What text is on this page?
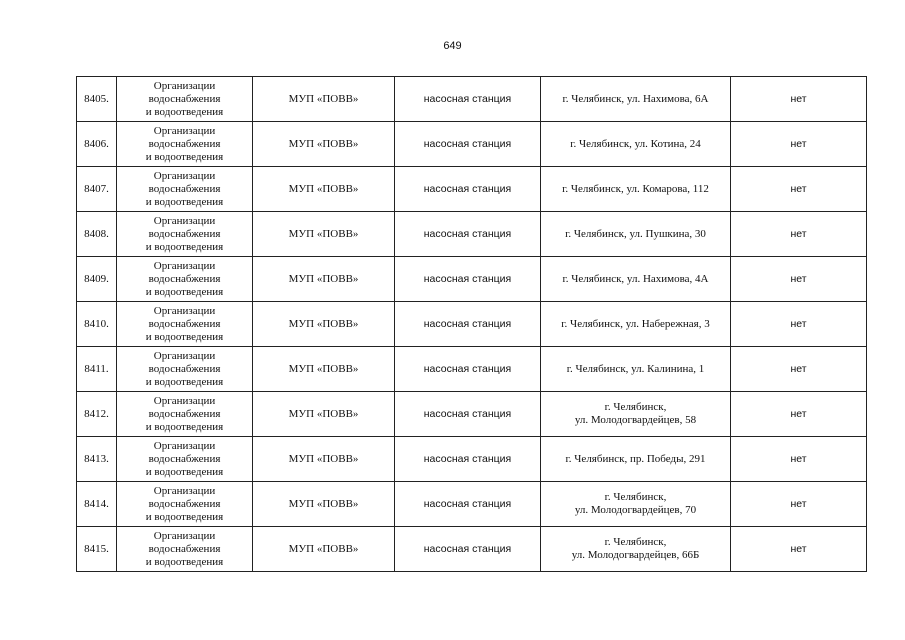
649
8405.	Организации
водоснабжения
и водоотведения	МУП «ПОВВ»	насосная станция	г. Челябинск, ул. Нахимова, 6А	нет
8406.	Организации
водоснабжения
и водоотведения	МУП «ПОВВ»	насосная станция	г. Челябинск, ул. Котина, 24	нет
8407.	Организации
водоснабжения
и водоотведения	МУП «ПОВВ»	насосная станция	г. Челябинск, ул. Комарова, 112	нет
8408.	Организации
водоснабжения
и водоотведения	МУП «ПОВВ»	насосная станция	г. Челябинск, ул. Пушкина, 30	нет
8409.	Организации
водоснабжения
и водоотведения	МУП «ПОВВ»	насосная станция	г. Челябинск, ул. Нахимова, 4А	нет
8410.	Организации
водоснабжения
и водоотведения	МУП «ПОВВ»	насосная станция	г. Челябинск, ул. Набережная, 3	нет
8411.	Организации
водоснабжения
и водоотведения	МУП «ПОВВ»	насосная станция	г. Челябинск, ул. Калинина, 1	нет
8412.	Организации
водоснабжения
и водоотведения	МУП «ПОВВ»	насосная станция	г. Челябинск,
ул. Молодогвардейцев, 58	нет
8413.	Организации
водоснабжения
и водоотведения	МУП «ПОВВ»	насосная станция	г. Челябинск, пр. Победы, 291	нет
8414.	Организации
водоснабжения
и водоотведения	МУП «ПОВВ»	насосная станция	г. Челябинск,
ул. Молодогвардейцев, 70	нет
8415.	Организации
водоснабжения
и водоотведения	МУП «ПОВВ»	насосная станция	г. Челябинск,
ул. Молодогвардейцев, 66Б	нет
